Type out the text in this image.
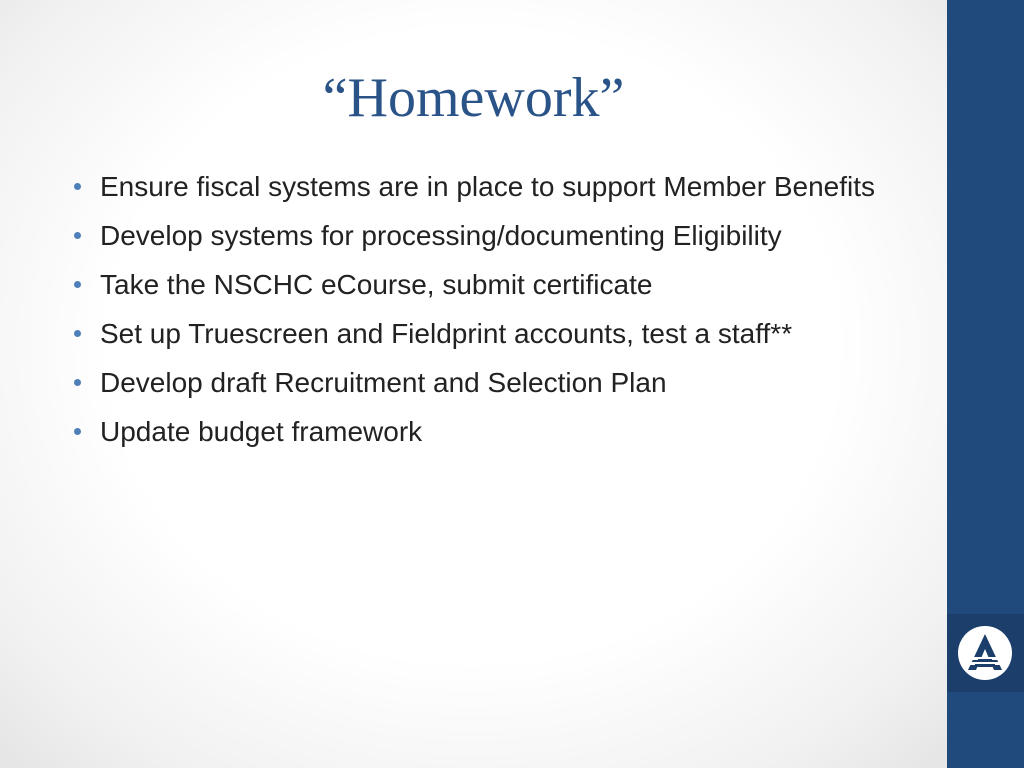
“Homework”
Ensure fiscal systems are in place to support Member Benefits
Develop systems for processing/documenting Eligibility
Take the NSCHC eCourse, submit certificate
Set up Truescreen and Fieldprint accounts, test a staff**
Develop draft Recruitment and Selection Plan
Update budget framework
